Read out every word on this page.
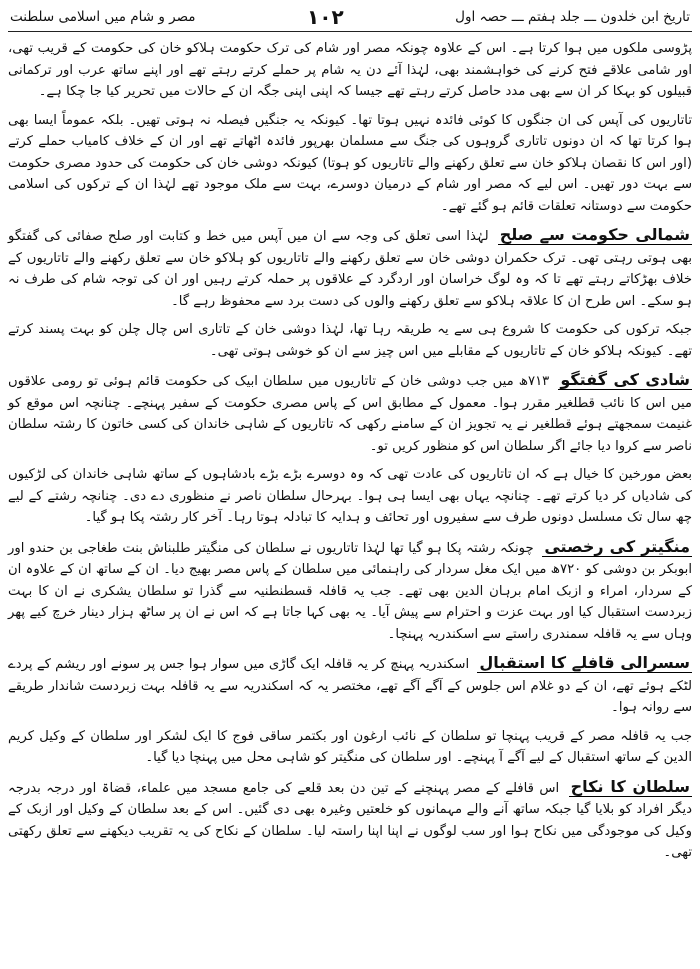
تاریخ ابن خلدون ـــ جلد ہفتم ـــ حصہ اول
۱۰۲
مصر و شام میں اسلامی سلطنت

پڑوسی ملکوں میں ہوا کرتا ہے۔ اس کے علاوہ چونکہ مصر اور شام کی ترک حکومت ہلاکو خان کی حکومت کے قریب تھی، اور شامی علاقے فتح کرنے کی خواہشمند بھی، لہٰذا آئے دن یہ شام پر حملے کرتے رہتے تھے اور اپنے ساتھ عرب اور ترکمانی قبیلوں کو بہکا کر ان سے بھی مدد حاصل کرتے رہتے تھے جیسا کہ اپنی اپنی جگہ ان کے حالات میں تحریر کیا جا چکا ہے۔

تاتاریوں کی آپس کی ان جنگوں کا کوئی فائدہ نہیں ہوتا تھا۔ کیونکہ یہ جنگیں فیصلہ نہ ہوتی تھیں۔ بلکہ عموماً ایسا بھی ہوا کرتا تھا کہ ان دونوں تاتاری گروہوں کی جنگ سے مسلمان بھرپور فائدہ اٹھاتے تھے اور ان کے خلاف کامیاب حملے کرتے (اور اس کا نقصان ہلاکو خان سے تعلق رکھنے والے تاتاریوں کو ہوتا) کیونکہ دوشی خان کی حکومت کی حدود مصری حکومت سے بہت دور تھیں۔ اس لیے کہ مصر اور شام کے درمیان دوسرے، بہت سے ملک موجود تھے لہٰذا ان کے ترکوں کی اسلامی حکومت سے دوستانہ تعلقات قائم ہو گئے تھے۔

شمالی حکومت سے صلح لہٰذا اسی تعلق کی وجہ سے ان میں آپس میں خط و کتابت اور صلح صفائی کی گفتگو بھی ہوتی رہتی تھی۔ ترک حکمران دوشی خان سے تعلق رکھنے والے تاتاریوں کو ہلاکو خان سے تعلق رکھنے والے تاتاریوں کے خلاف بھڑکاتے رہتے تھے تا کہ وہ لوگ خراسان اور اردگرد کے علاقوں پر حملہ کرتے رہیں اور ان کی توجہ شام کی طرف نہ ہو سکے۔ اس طرح ان کا علاقہ ہلاکو سے تعلق رکھنے والوں کی دست برد سے محفوظ رہے گا۔

جبکہ ترکوں کی حکومت کا شروع ہی سے یہ طریقہ رہا تھا، لہٰذا دوشی خان کے تاتاری اس چال چلن کو بہت پسند کرتے تھے۔ کیونکہ ہلاکو خان کے تاتاریوں کے مقابلے میں اس چیز سے ان کو خوشی ہوتی تھی۔

شادی کی گفتگو ۷۱۳ھ میں جب دوشی خان کے تاتاریوں میں سلطان ابیک کی حکومت قائم ہوئی تو رومی علاقوں میں اس کا نائب قطلغیر مقرر ہوا۔ معمول کے مطابق اس کے پاس مصری حکومت کے سفیر پہنچے۔ چنانچہ اس موقع کو غنیمت سمجھتے ہوئے قطلغیر نے یہ تجویز ان کے سامنے رکھی کہ تاتاریوں کے شاہی خاندان کی کسی خاتون کا رشتہ سلطان ناصر سے کروا دیا جائے اگر سلطان اس کو منظور کریں تو۔

بعض مورخین کا خیال ہے کہ ان تاتاریوں کی عادت تھی کہ وہ دوسرے بڑے بڑے بادشاہوں کے ساتھ شاہی خاندان کی لڑکیوں کی شادیاں کر دیا کرتے تھے۔ چنانچہ یہاں بھی ایسا ہی ہوا۔ بہرحال سلطان ناصر نے منظوری دے دی۔ چنانچہ رشتے کے لیے چھ سال تک مسلسل دونوں طرف سے سفیروں اور تحائف و ہدایہ کا تبادلہ ہوتا رہا۔ آخر کار رشتہ پکا ہو گیا۔

منگیتر کی رخصتی چونکہ رشتہ پکا ہو گیا تھا لہٰذا تاتاریوں نے سلطان کی منگیتر طلبناش بنت طغاجی بن حندو اور ابوبکر بن دوشی کو ۷۲۰ھ میں ایک مغل سردار کی راہنمائی میں سلطان کے پاس مصر بھیج دیا۔ ان کے ساتھ ان کے علاوہ ان کے سردار، امراء و ازبک امام برہان الدین بھی تھے۔ جب یہ قافلہ قسطنطنیہ سے گذرا تو سلطان یشکری نے ان کا بہت زبردست استقبال کیا اور بہت عزت و احترام سے پیش آیا۔ یہ بھی کہا جاتا ہے کہ اس نے ان پر ساٹھ ہزار دینار خرچ کیے پھر وہاں سے یہ قافلہ سمندری راستے سے اسکندریہ پہنچا۔

سسرالی قافلے کا استقبال اسکندریہ پہنچ کر یہ قافلہ ایک گاڑی میں سوار ہوا جس پر سونے اور ریشم کے پردے لٹکے ہوئے تھے، ان کے دو غلام اس جلوس کے آگے آگے تھے، مختصر یہ کہ اسکندریہ سے یہ قافلہ بہت زبردست شاندار طریقے سے روانہ ہوا۔

جب یہ قافلہ مصر کے قریب پہنچا تو سلطان کے نائب ارغون اور بکتمر ساقی فوج کا ایک لشکر اور سلطان کے وکیل کریم الدین کے ساتھ استقبال کے لیے آگے آ پہنچے۔ اور سلطان کی منگیتر کو شاہی محل میں پہنچا دیا گیا۔

سلطان کا نکاح اس قافلے کے مصر پہنچنے کے تین دن بعد قلعے کی جامع مسجد میں علماء، قضاۃ اور درجہ بدرجہ دیگر افراد کو بلایا گیا جبکہ ساتھ آنے والے مہمانوں کو خلعتیں وغیرہ بھی دی گئیں۔ اس کے بعد سلطان کے وکیل اور ازبک کے وکیل کی موجودگی میں نکاح ہوا اور سب لوگوں نے اپنا اپنا راستہ لیا۔ سلطان کے نکاح کی یہ تقریب دیکھنے سے تعلق رکھتی تھی۔
